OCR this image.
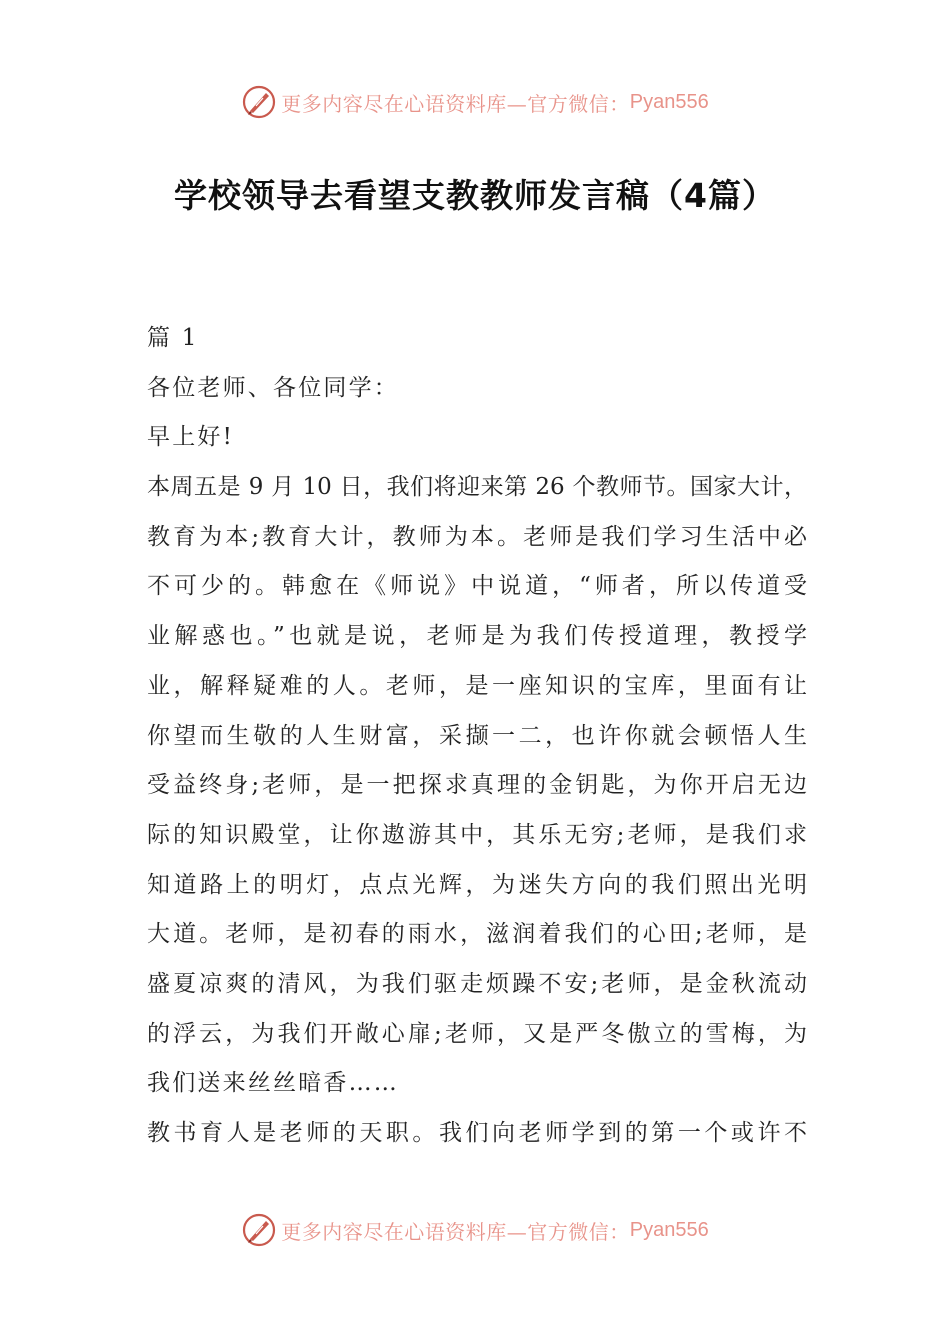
更多内容尽在心语资料库—官方微信： Pyan556
学校领导去看望支教教师发言稿（4篇）
篇 1
各位老师、各位同学：
早上好!
本周五是 9 月 10 日，我们将迎来第 26 个教师节。国家大计，
教育为本;教育大计，教师为本。老师是我们学习生活中必
不可少的。韩愈在《师说》中说道，“师者，所以传道受
业解惑也。”也就是说，老师是为我们传授道理，教授学
业，解释疑难的人。老师，是一座知识的宝库，里面有让
你望而生敬的人生财富，采撷一二，也许你就会顿悟人生
受益终身;老师，是一把探求真理的金钥匙，为你开启无边
际的知识殿堂，让你遨游其中，其乐无穷;老师，是我们求
知道路上的明灯，点点光辉，为迷失方向的我们照出光明
大道。老师，是初春的雨水，滋润着我们的心田;老师，是
盛夏凉爽的清风，为我们驱走烦躁不安;老师，是金秋流动
的浮云，为我们开敞心扉;老师，又是严冬傲立的雪梅，为
我们送来丝丝暗香……
教书育人是老师的天职。我们向老师学到的第一个或许不
更多内容尽在心语资料库—官方微信： Pyan556
